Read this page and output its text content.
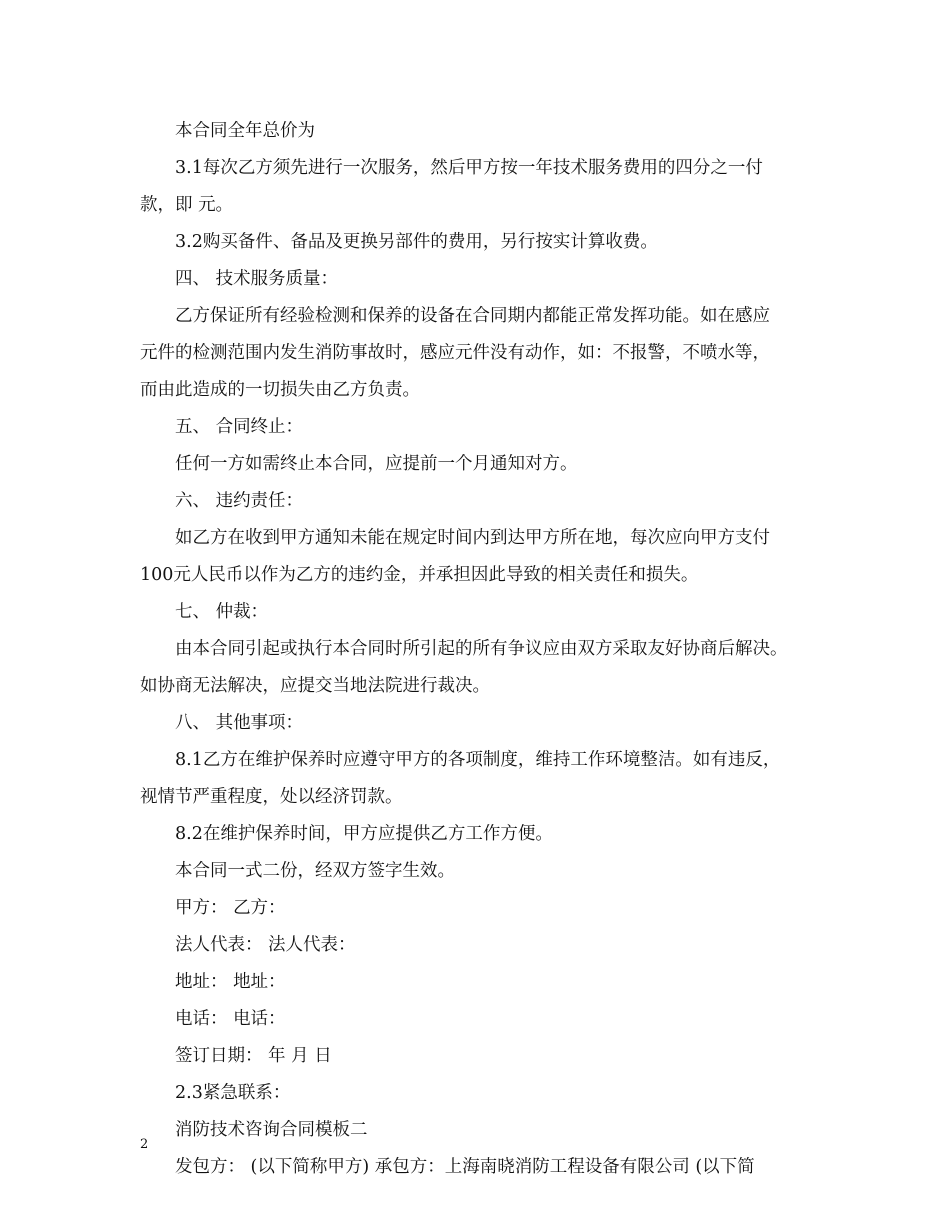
本合同全年总价为

3.1每次乙方须先进行一次服务，然后甲方按一年技术服务费用的四分之一付

款，即 元。

3.2购买备件、备品及更换另部件的费用，另行按实计算收费。

四、 技术服务质量：

乙方保证所有经验检测和保养的设备在合同期内都能正常发挥功能。如在感应

元件的检测范围内发生消防事故时，感应元件没有动作，如：不报警，不喷水等，

而由此造成的一切损失由乙方负责。

五、 合同终止：

任何一方如需终止本合同，应提前一个月通知对方。

六、 违约责任：

如乙方在收到甲方通知未能在规定时间内到达甲方所在地，每次应向甲方支付

100元人民币以作为乙方的违约金，并承担因此导致的相关责任和损失。

七、 仲裁：

由本合同引起或执行本合同时所引起的所有争议应由双方采取友好协商后解决。

如协商无法解决，应提交当地法院进行裁决。

八、 其他事项：

8.1乙方在维护保养时应遵守甲方的各项制度，维持工作环境整洁。如有违反，

视情节严重程度，处以经济罚款。

8.2在维护保养时间，甲方应提供乙方工作方便。

本合同一式二份，经双方签字生效。

甲方： 乙方：

法人代表： 法人代表：

地址： 地址：

电话： 电话：

签订日期： 年 月 日

2.3紧急联系：

消防技术咨询合同模板二

发包方： (以下简称甲方) 承包方：上海南晓消防工程设备有限公司 (以下简

2
